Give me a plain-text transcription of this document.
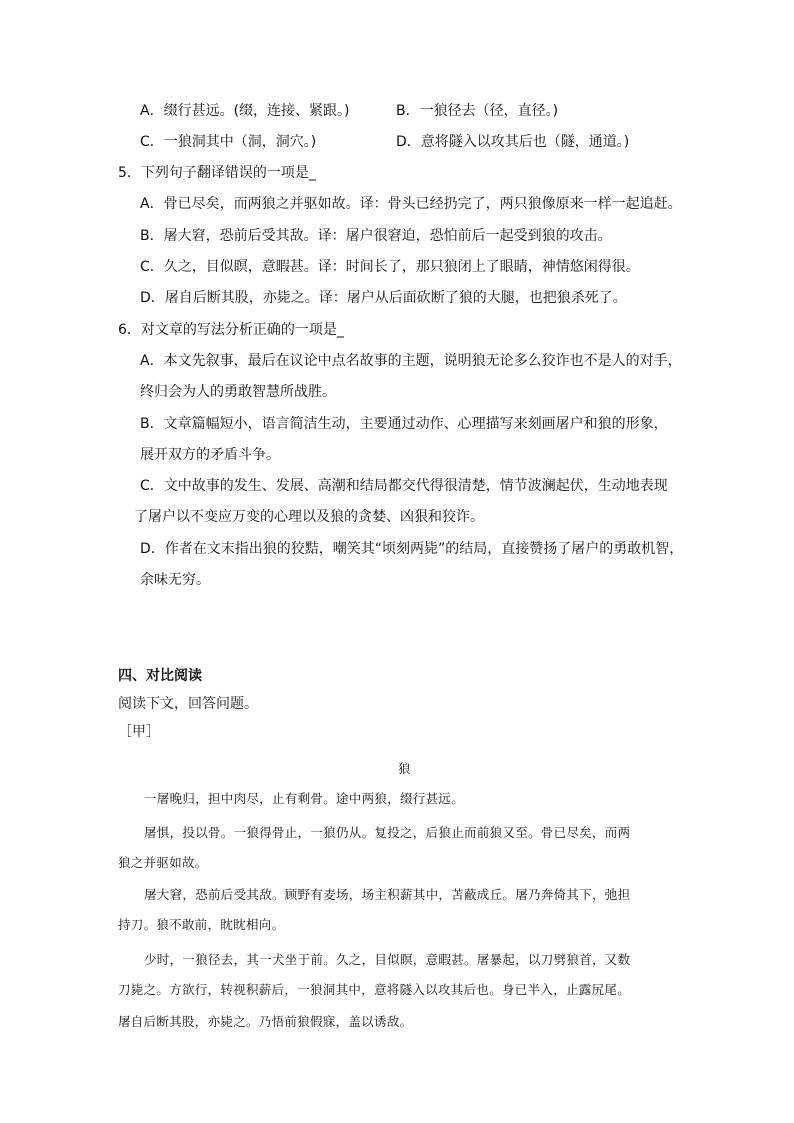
A．缀行甚远。(缀，连接、紧跟。)	B．一狼径去（径，直径。)
C．一狼洞其中（洞，洞穴。)	D．意将隧入以攻其后也（隧，通道。)
5．下列句子翻译错误的一项是_
A．骨已尽矣，而两狼之并驱如故。译：骨头已经扔完了，两只狼像原来一样一起追赶。
B．屠大窘，恐前后受其敌。译：屠户很窘迫，恐怕前后一起受到狼的攻击。
C．久之，目似瞑，意暇甚。译：时间长了，那只狼闭上了眼睛，神情悠闲得很。
D．屠自后断其股，亦毙之。译：屠户从后面砍断了狼的大腿，也把狼杀死了。
6．对文章的写法分析正确的一项是_
A．本文先叙事，最后在议论中点名故事的主题，说明狼无论多么狡诈也不是人的对手，
终归会为人的勇敢智慧所战胜。
B．文章篇幅短小，语言简洁生动，主要通过动作、心理描写来刻画屠户和狼的形象，
展开双方的矛盾斗争。
C．文中故事的发生、发展、高潮和结局都交代得很清楚，情节波澜起伏，生动地表现
了屠户以不变应万变的心理以及狼的贪婪、凶狠和狡诈。
D．作者在文末指出狼的狡黠，嘲笑其“顷刻两毙”的结局，直接赞扬了屠户的勇敢机智，
余味无穷。
四、对比阅读
阅读下文，回答问题。
［甲］
狼
一屠晚归，担中肉尽，止有剩骨。途中两狼，缀行甚远。
屠惧，投以骨。一狼得骨止，一狼仍从。复投之，后狼止而前狼又至。骨已尽矣，而两
狼之并驱如故。
屠大窘，恐前后受其敌。顾野有麦场，场主积薪其中，苫蔽成丘。屠乃奔倚其下，弛担
持刀。狼不敢前，眈眈相向。
少时，一狼径去，其一犬坐于前。久之，目似瞑，意暇甚。屠暴起，以刀劈狼首，又数
刀毙之。方欲行，转视积薪后，一狼洞其中，意将隧入以攻其后也。身已半入，止露尻尾。
屠自后断其股，亦毙之。乃悟前狼假寐，盖以诱敌。
